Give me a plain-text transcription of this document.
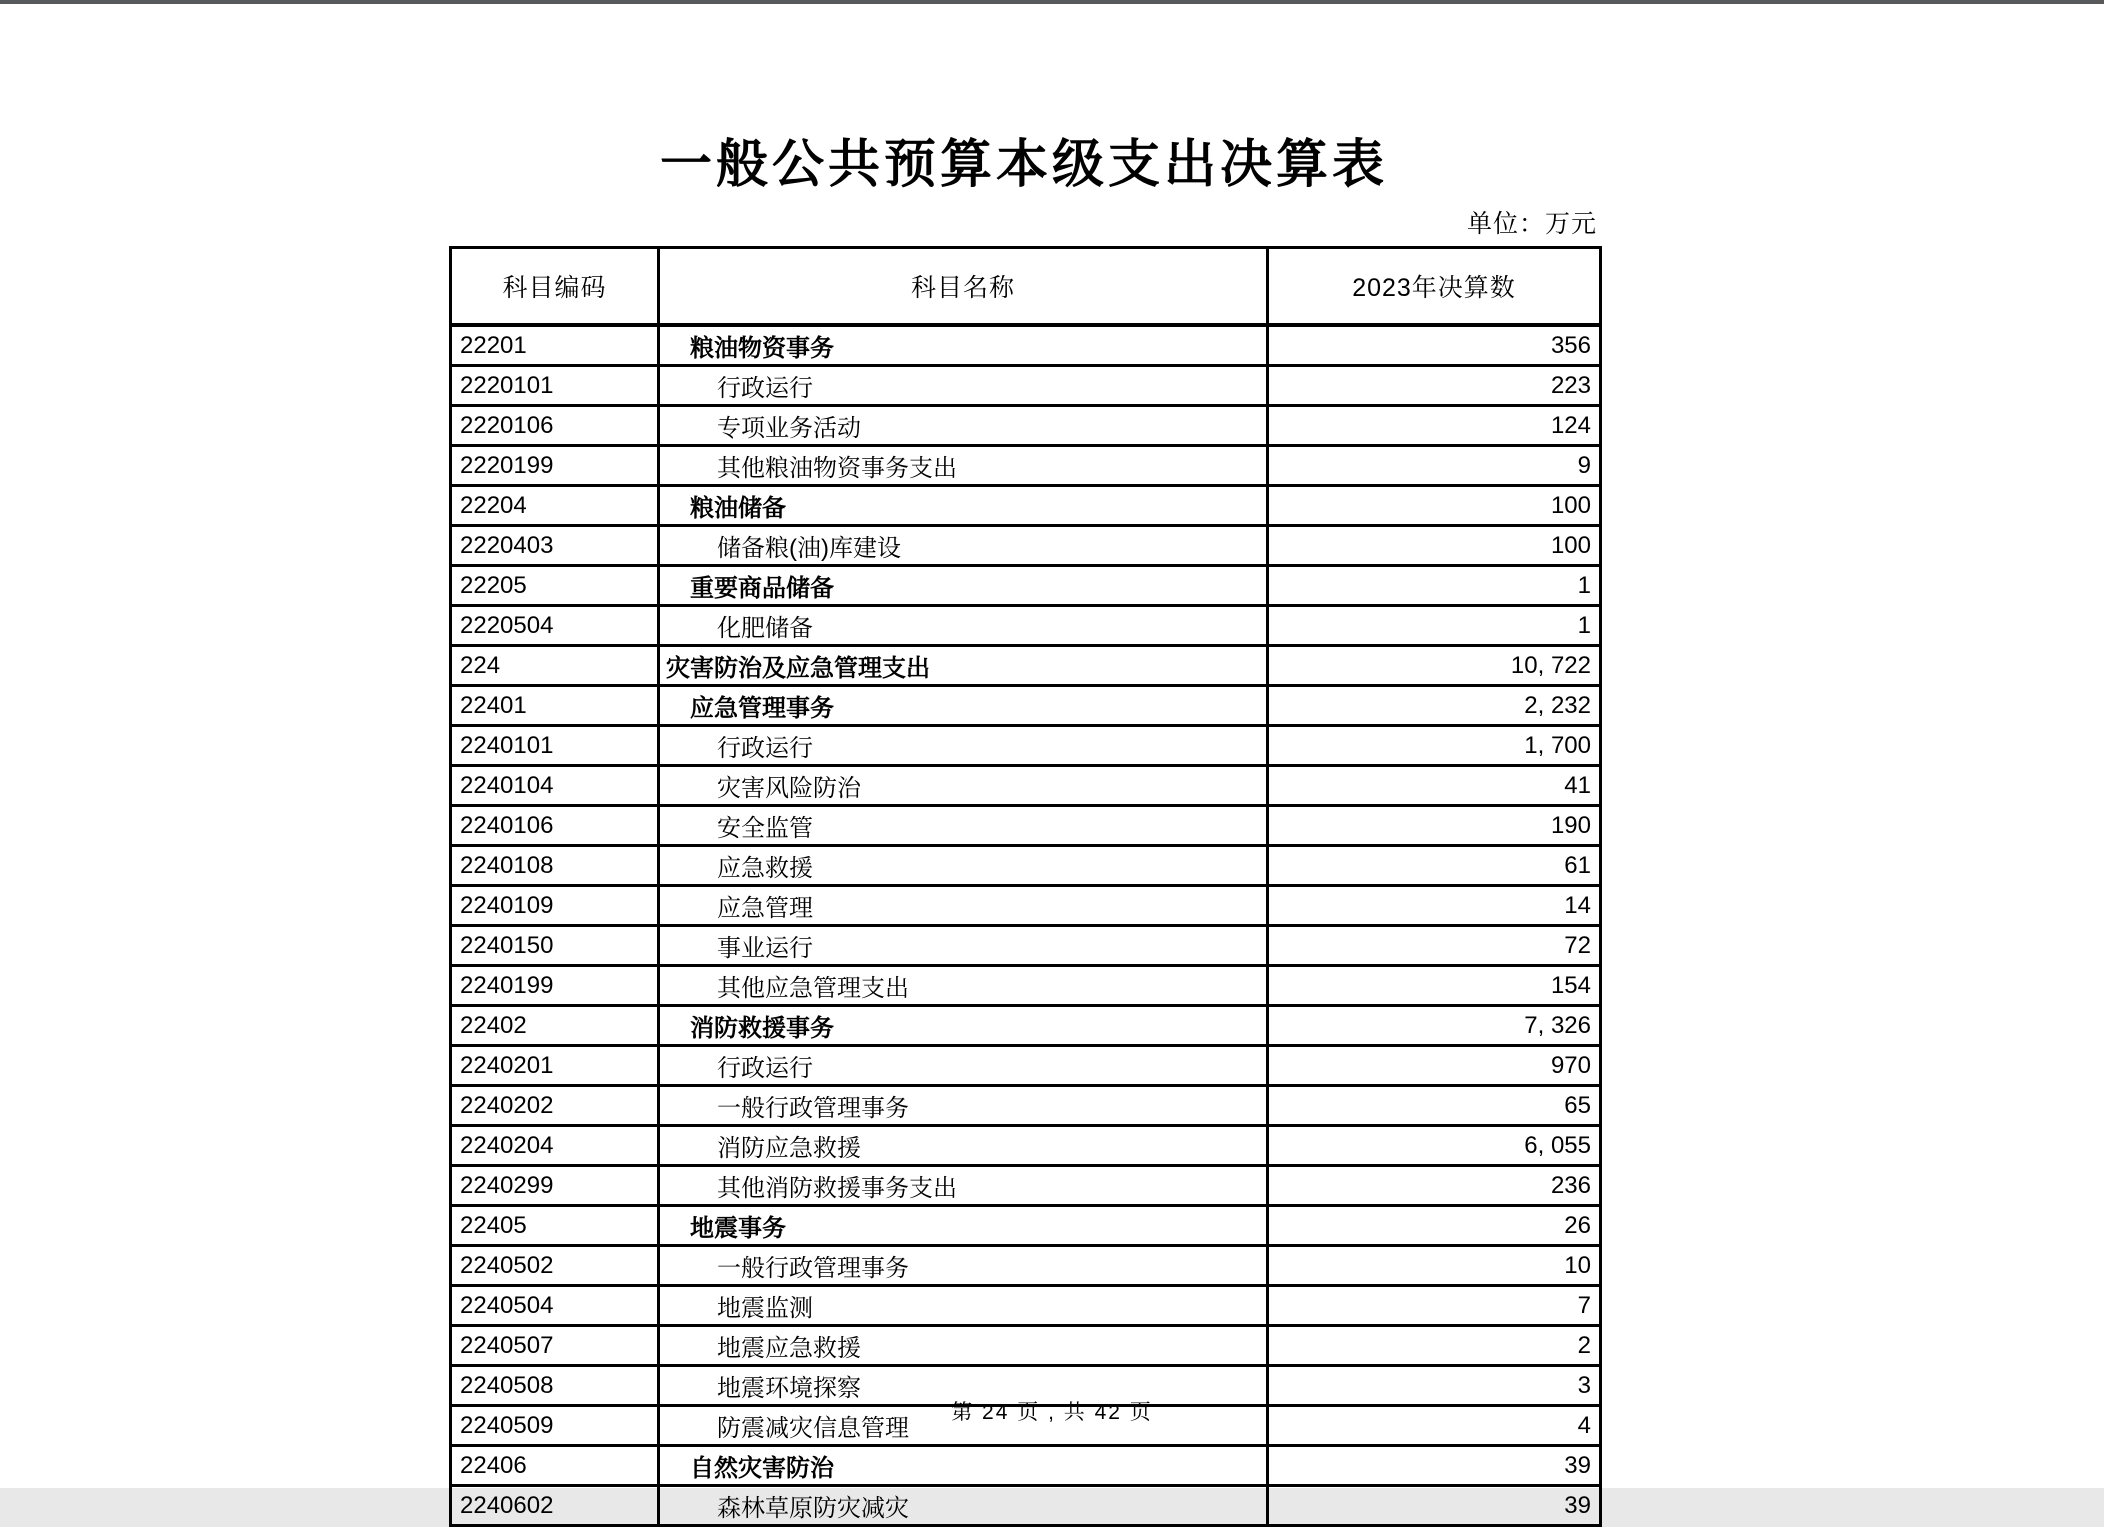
一般公共预算本级支出决算表
单位：万元
科目编码	科目名称	2023年决算数
22201	粮油物资事务	356
2220101	行政运行	223
2220106	专项业务活动	124
2220199	其他粮油物资事务支出	9
22204	粮油储备	100
2220403	储备粮(油)库建设	100
22205	重要商品储备	1
2220504	化肥储备	1
224	灾害防治及应急管理支出	10, 722
22401	应急管理事务	2, 232
2240101	行政运行	1, 700
2240104	灾害风险防治	41
2240106	安全监管	190
2240108	应急救援	61
2240109	应急管理	14
2240150	事业运行	72
2240199	其他应急管理支出	154
22402	消防救援事务	7, 326
2240201	行政运行	970
2240202	一般行政管理事务	65
2240204	消防应急救援	6, 055
2240299	其他消防救援事务支出	236
22405	地震事务	26
2240502	一般行政管理事务	10
2240504	地震监测	7
2240507	地震应急救援	2
2240508	地震环境探察	3
2240509	防震减灾信息管理	4
22406	自然灾害防治	39
2240602	森林草原防灾减灾	39
第 24 页 , 共 42 页
